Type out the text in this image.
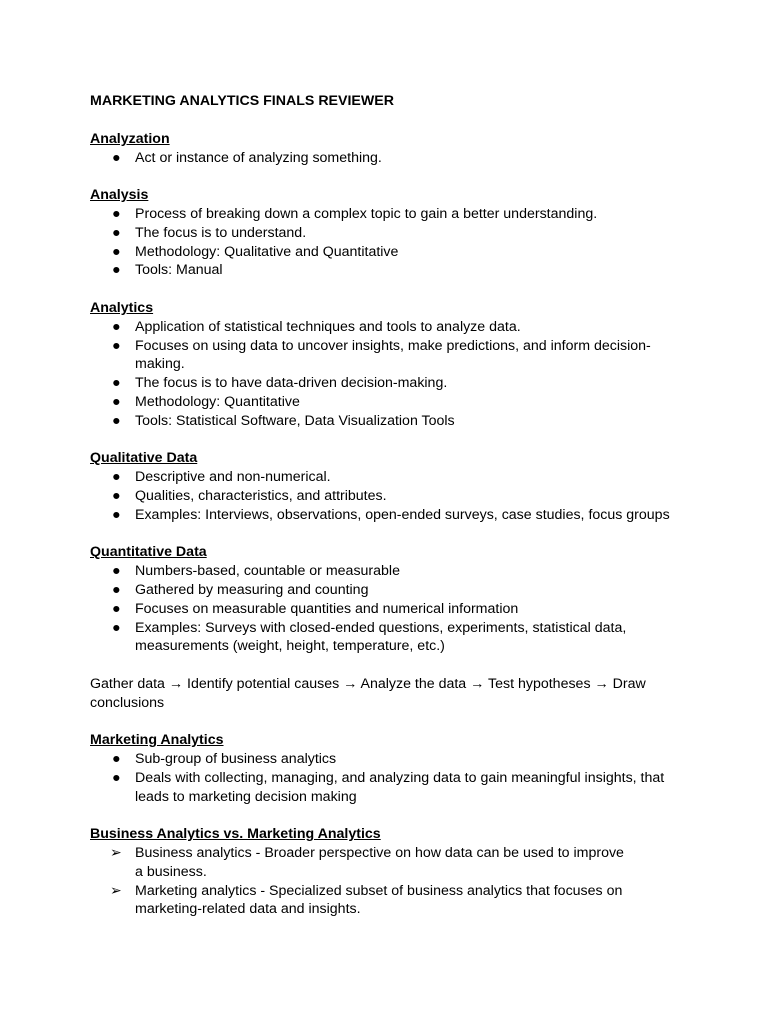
MARKETING ANALYTICS FINALS REVIEWER
Analyzation
● Act or instance of analyzing something.
Analysis
● Process of breaking down a complex topic to gain a better understanding.
● The focus is to understand.
● Methodology: Qualitative and Quantitative
● Tools: Manual
Analytics
● Application of statistical techniques and tools to analyze data.
● Focuses on using data to uncover insights, make predictions, and inform decision-making.
● The focus is to have data-driven decision-making.
● Methodology: Quantitative
● Tools: Statistical Software, Data Visualization Tools
Qualitative Data
● Descriptive and non-numerical.
● Qualities, characteristics, and attributes.
● Examples: Interviews, observations, open-ended surveys, case studies, focus groups
Quantitative Data
● Numbers-based, countable or measurable
● Gathered by measuring and counting
● Focuses on measurable quantities and numerical information
● Examples: Surveys with closed-ended questions, experiments, statistical data, measurements (weight, height, temperature, etc.)
Gather data → Identify potential causes → Analyze the data → Test hypotheses → Draw conclusions
Marketing Analytics
● Sub-group of business analytics
● Deals with collecting, managing, and analyzing data to gain meaningful insights, that leads to marketing decision making
Business Analytics vs. Marketing Analytics
➢ Business analytics - Broader perspective on how data can be used to improve a business.
➢ Marketing analytics - Specialized subset of business analytics that focuses on marketing-related data and insights.
